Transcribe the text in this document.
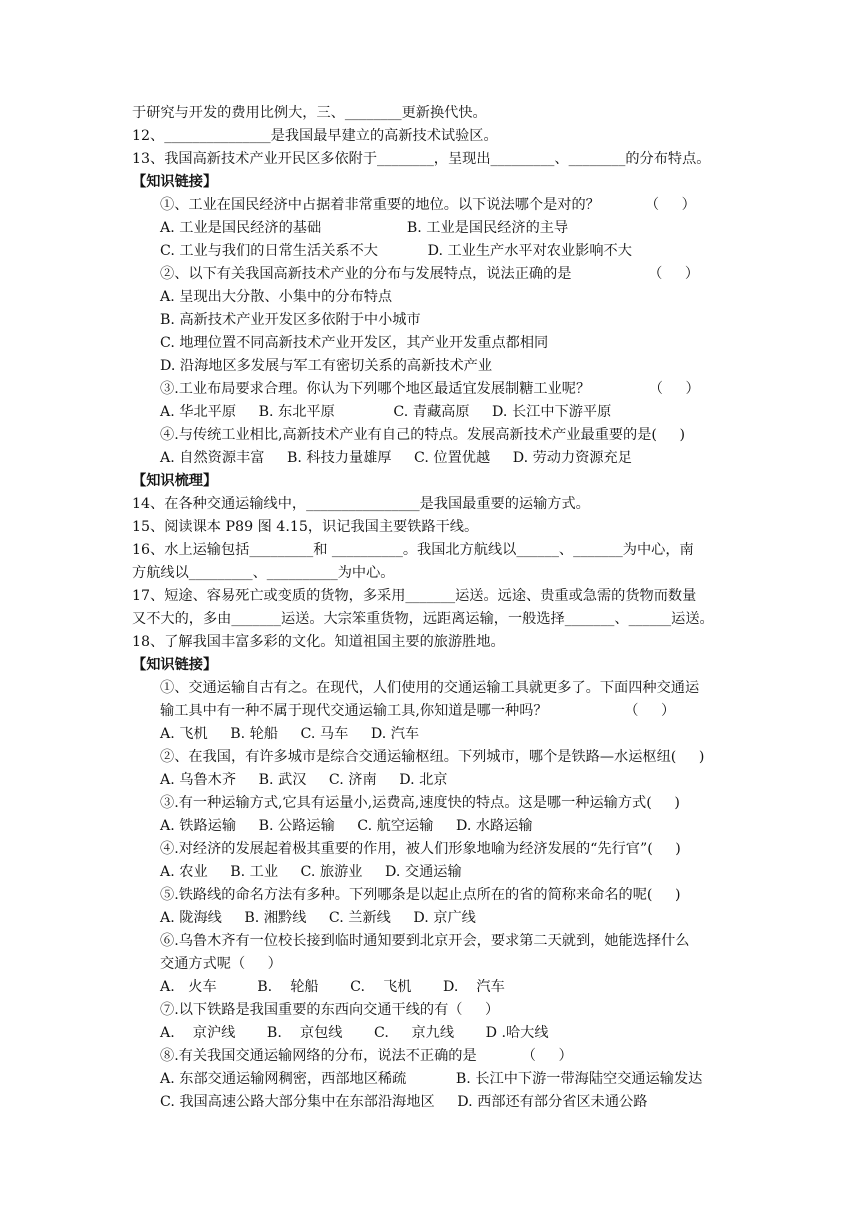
于研究与开发的费用比例大，三、________更新换代快。
12、_______________是我国最早建立的高新技术试验区。
13、我国高新技术产业开民区多依附于________，呈现出_________、________的分布特点。
【知识链接】
①、工业在国民经济中占据着非常重要的地位。以下说法哪个是对的？          （     ）
A. 工业是国民经济的基础                   B. 工业是国民经济的主导
C. 工业与我们的日常生活关系不大           D. 工业生产水平对农业影响不大
②、以下有关我国高新技术产业的分布与发展特点，说法正确的是                 （     ）
A. 呈现出大分散、小集中的分布特点
B. 高新技术产业开发区多依附于中小城市
C. 地理位置不同高新技术产业开发区，其产业开发重点都相同
D. 沿海地区多发展与军工有密切关系的高新技术产业
③.工业布局要求合理。你认为下列哪个地区最适宜发展制糖工业呢？             （     ）
A. 华北平原     B. 东北平原             C. 青藏高原     D. 长江中下游平原
④.与传统工业相比,高新技术产业有自己的特点。发展高新技术产业最重要的是(     )
A. 自然资源丰富     B. 科技力量雄厚     C. 位置优越     D. 劳动力资源充足
【知识梳理】
14、在各种交通运输线中，________________是我国最重要的运输方式。
15、阅读课本 P89 图 4.15，识记我国主要铁路干线。
16、水上运输包括_________和 __________。我国北方航线以______、_______为中心，南
方航线以_________、__________为中心。
17、短途、容易死亡或变质的货物，多采用_______运送。远途、贵重或急需的货物而数量
又不大的，多由_______运送。大宗笨重货物，远距离运输，一般选择_______、______运送。
18、了解我国丰富多彩的文化。知道祖国主要的旅游胜地。
【知识链接】
①、交通运输自古有之。在现代，人们使用的交通运输工具就更多了。下面四种交通运
输工具中有一种不属于现代交通运输工具,你知道是哪一种吗？                 （     ）
A. 飞机     B. 轮船     C. 马车     D. 汽车
②、在我国，有许多城市是综合交通运输枢纽。下列城市，哪个是铁路—水运枢纽(     )
A. 乌鲁木齐     B. 武汉     C. 济南     D. 北京
③.有一种运输方式,它具有运量小,运费高,速度快的特点。这是哪一种运输方式(     )
A. 铁路运输     B. 公路运输     C. 航空运输     D. 水路运输
④.对经济的发展起着极其重要的作用，被人们形象地喻为经济发展的“先行官”(     )
A. 农业     B. 工业     C. 旅游业     D. 交通运输
⑤.铁路线的命名方法有多种。下列哪条是以起止点所在的省的简称来命名的呢(     )
A. 陇海线     B. 湘黔线     C. 兰新线     D. 京广线
⑥.乌鲁木齐有一位校长接到临时通知要到北京开会，要求第二天就到，她能选择什么
交通方式呢（     ）
A.   火车         B.    轮船       C.    飞机       D.    汽车
⑦.以下铁路是我国重要的东西向交通干线的有（     ）
A.    京沪线       B.    京包线       C.     京九线       D .哈大线
⑧.有关我国交通运输网络的分布，说法不正确的是          （     ）
A. 东部交通运输网稠密，西部地区稀疏           B. 长江中下游一带海陆空交通运输发达
C. 我国高速公路大部分集中在东部沿海地区     D. 西部还有部分省区未通公路
